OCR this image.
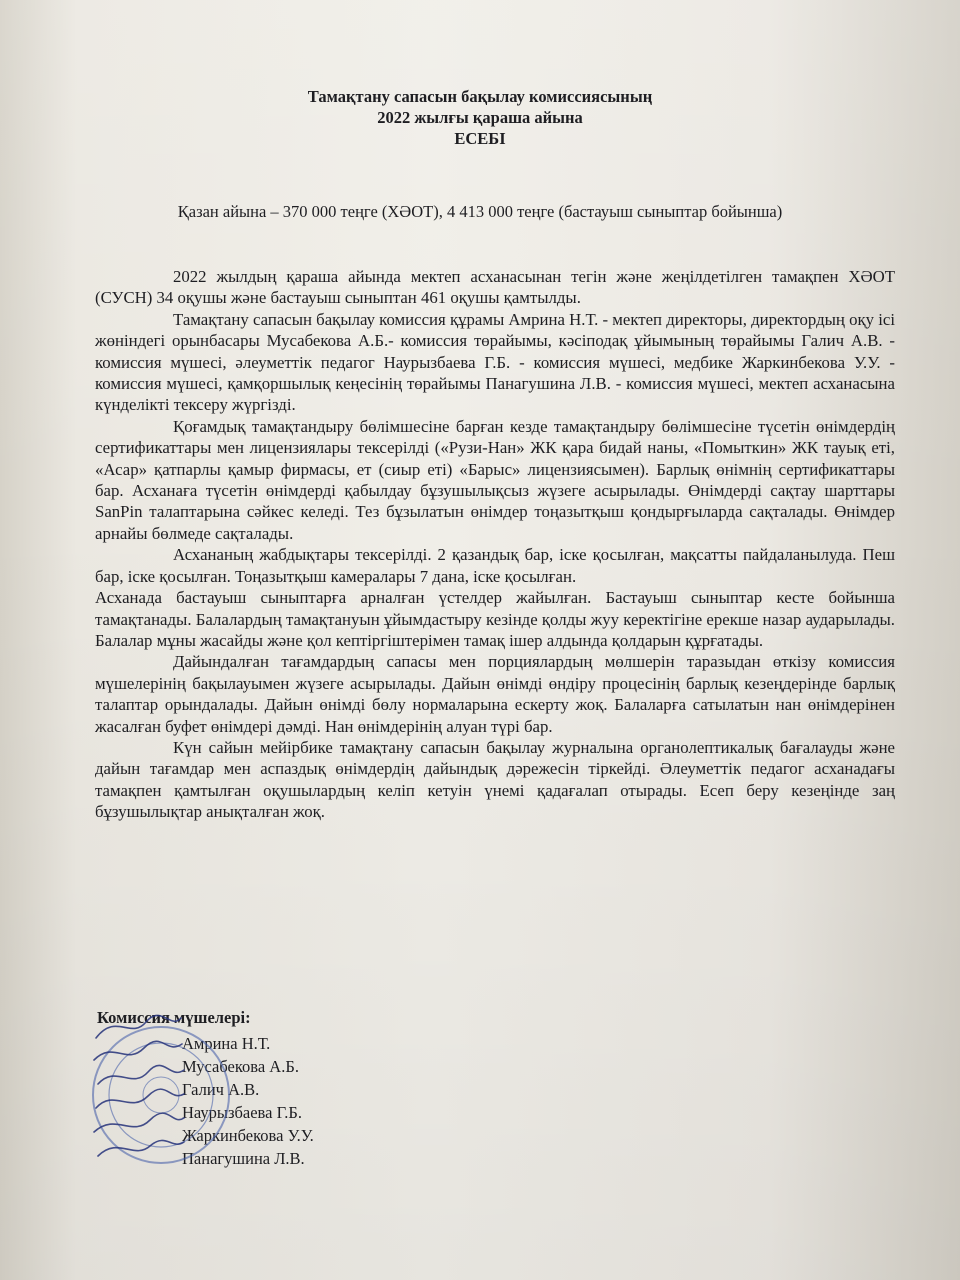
Тамақтану сапасын бақылау комиссиясының
2022 жылғы қараша айына
ЕСЕБІ
Қазан айына – 370 000 теңге (ХӘОТ), 4 413 000 теңге (бастауыш сыныптар бойынша)

2022 жылдың қараша айында мектеп асханасынан тегін және жеңілдетілген тамақпен ХӘОТ (СУСН) 34 оқушы және бастауыш сыныптан 461 оқушы қамтылды.

Тамақтану сапасын бақылау комиссия құрамы Амрина Н.Т. - мектеп директоры, директордың оқу ісі жөніндегі орынбасары Мусабекова А.Б.- комиссия төрайымы, кәсіподақ ұйымының төрайымы Галич А.В. - комиссия мүшесі, әлеуметтік педагог Наурызбаева Г.Б. - комиссия мүшесі, медбике Жаркинбекова У.У. - комиссия мүшесі, қамқоршылық кеңесінің төрайымы Панагушина Л.В. - комиссия мүшесі, мектеп асханасына күнделікті тексеру жүргізді.

Қоғамдық тамақтандыру бөлімшесіне барған кезде тамақтандыру бөлімшесіне түсетін өнімдердің сертификаттары мен лицензиялары тексерілді («Рузи-Нан» ЖК қара бидай наны, «Помыткин» ЖК тауық еті, «Асар» қатпарлы қамыр фирмасы, ет (сиыр еті) «Барыс» лицензиясымен). Барлық өнімнің сертификаттары бар. Асханаға түсетін өнімдерді қабылдау бұзушылықсыз жүзеге асырылады. Өнімдерді сақтау шарттары SanPin талаптарына сәйкес келеді. Тез бұзылатын өнімдер тоңазытқыш қондырғыларда сақталады. Өнімдер арнайы бөлмеде сақталады.

Асхананың жабдықтары тексерілді. 2 қазандық бар, іске қосылған, мақсатты пайдаланылуда. Пеш бар, іске қосылған. Тоңазытқыш камералары 7 дана, іске қосылған.

Асханада бастауыш сыныптарға арналған үстелдер жайылған. Бастауыш сыныптар кесте бойынша тамақтанады. Балалардың тамақтануын ұйымдастыру кезінде қолды жуу керектігіне ерекше назар аударылады. Балалар мұны жасайды және қол кептіргіштерімен тамақ ішер алдында қолдарын құрғатады.

Дайындалған тағамдардың сапасы мен порциялардың мөлшерін таразыдан өткізу комиссия мүшелерінің бақылауымен жүзеге асырылады. Дайын өнімді өндіру процесінің барлық кезеңдерінде барлық талаптар орындалады. Дайын өнімді бөлу нормаларына ескерту жоқ. Балаларға сатылатын нан өнімдерінен жасалған буфет өнімдері дәмді. Нан өнімдерінің алуан түрі бар.

Күн сайын мейірбике тамақтану сапасын бақылау журналына органолептикалық бағалауды және дайын тағамдар мен аспаздық өнімдердің дайындық дәрежесін тіркейді. Әлеуметтік педагог асханадағы тамақпен қамтылған оқушылардың келіп кетуін үнемі қадағалап отырады. Есеп беру кезеңінде заң бұзушылықтар анықталған жоқ.

Комиссия мүшелері:
Амрина Н.Т.
Мусабекова А.Б.
Галич А.В.
Наурызбаева Г.Б.
Жаркинбекова У.У.
Панагушина Л.В.
